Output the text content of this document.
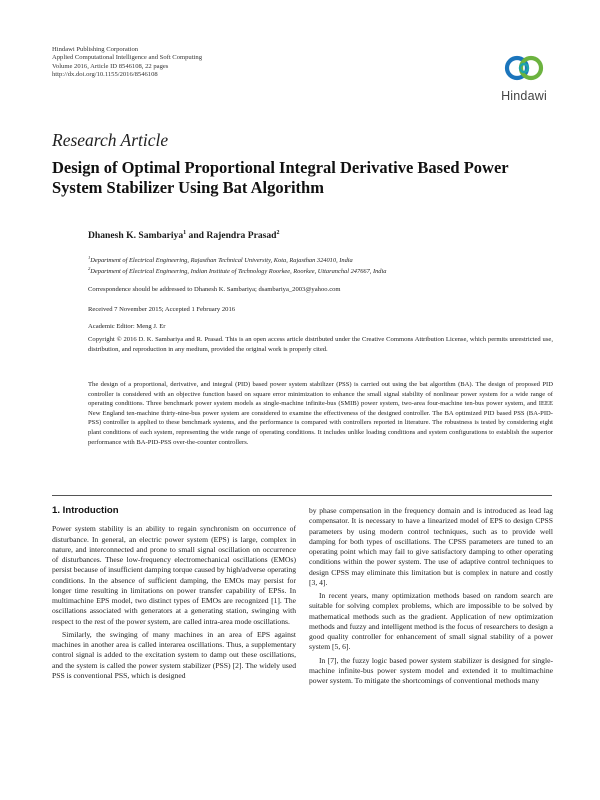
Hindawi Publishing Corporation
Applied Computational Intelligence and Soft Computing
Volume 2016, Article ID 8546108, 22 pages
http://dx.doi.org/10.1155/2016/8546108
Hindawi
Research Article
Design of Optimal Proportional Integral Derivative Based Power
System Stabilizer Using Bat Algorithm
Dhanesh K. Sambariya$^1$ and Rajendra Prasad$^2$
$^1$Department of Electrical Engineering, Rajasthan Technical University, Kota, Rajasthan 324010, India
$^2$Department of Electrical Engineering, Indian Institute of Technology Roorkee, Roorkee, Uttaranchal 247667, India
Correspondence should be addressed to Dhanesh K. Sambariya; dsambariya_2003@yahoo.com
Received 7 November 2015; Accepted 1 February 2016
Academic Editor: Meng J. Er
Copyright © 2016 D. K. Sambariya and R. Prasad. This is an open access article distributed under the Creative Commons Attribution License, which permits unrestricted use, distribution, and reproduction in any medium, provided the original work is properly cited.
The design of a proportional, derivative, and integral (PID) based power system stabilizer (PSS) is carried out using the bat algorithm (BA). The design of proposed PID controller is considered with an objective function based on square error minimization to enhance the small signal stability of nonlinear power system for a wide range of operating conditions. Three benchmark power system models as single-machine infinite-bus (SMIB) power system, two-area four-machine ten-bus power system, and IEEE New England ten-machine thirty-nine-bus power system are considered to examine the effectiveness of the designed controller. The BA optimized PID based PSS (BA-PID-PSS) controller is applied to these benchmark systems, and the performance is compared with controllers reported in literature. The robustness is tested by considering eight plant conditions of each system, representing the wide range of operating conditions. It includes unlike loading conditions and system configurations to establish the superior performance with BA-PID-PSS over-the-counter controllers.
1. Introduction

Power system stability is an ability to regain synchronism on occurrence of disturbance. In general, an electric power system (EPS) is large, complex in nature, and interconnected and prone to small signal oscillation on occurrence of disturbances. These low-frequency electromechanical oscillations (EMOs) persist because of insufficient damping torque caused by high/adverse operating conditions. In the absence of sufficient damping, the EMOs may persist for longer time resulting in limitations on power transfer capability of EPSs. In multimachine EPS model, two distinct types of EMOs are recognized [1]. The oscillations associated with generators at a generating station, swinging with respect to the rest of the power system, are called intra-area mode oscillations.

Similarly, the swinging of many machines in an area of EPS against machines in another area is called interarea oscillations. Thus, a supplementary control signal is added to the excitation system to damp out these oscillations, and the system is called the power system stabilizer (PSS) [2]. The widely used PSS is conventional PSS, which is designed

by phase compensation in the frequency domain and is introduced as lead lag compensator. It is necessary to have a linearized model of EPS to design CPSS parameters by using modern control techniques, such as to provide well damping for both types of oscillations. The CPSS parameters are tuned to an operating point which may fail to give satisfactory damping to other operating conditions within the power system. The use of adaptive control techniques to design CPSS may eliminate this limitation but is complex in nature and costly [3, 4].

In recent years, many optimization methods based on random search are suitable for solving complex problems, which are impossible to be solved by mathematical methods such as the gradient. Application of new optimization methods and fuzzy and intelligent method is the focus of researchers to design a good quality controller for enhancement of small signal stability of a power system [5, 6].

In [7], the fuzzy logic based power system stabilizer is designed for single-machine infinite-bus power system model and extended it to multimachine power system. To mitigate the shortcomings of conventional methods many
